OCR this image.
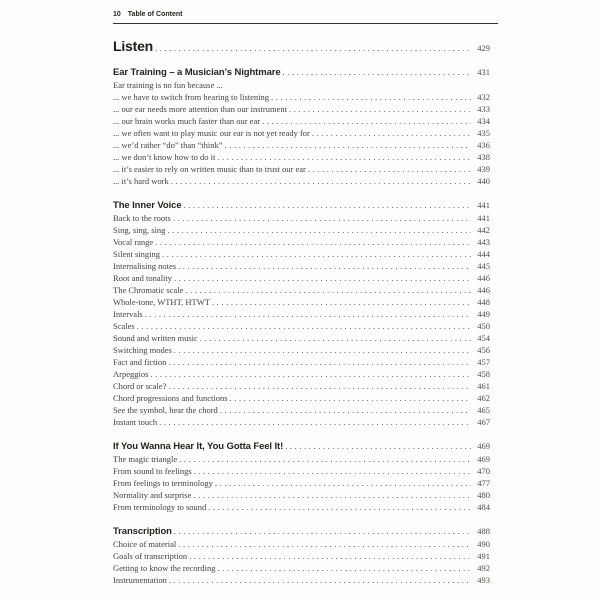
10 Table of Content
Listen .....	429
Ear Training – a Musician’s Nightmare .....	431
Ear training is no fun because ...
... we have to switch from hearing to listening .....	432
... our ear needs more attention than our instrument .....	433
... our brain works much faster than our ear .....	434
... we often want to play music our ear is not yet ready for .....	435
... we’d rather “do” than “think” .....	436
... we don’t know how to do it .....	438
... it’s easier to rely on written music than to trust our ear .....	439
... it’s hard work .....	440
The Inner Voice .....	441
Back to the roots .....	441
Sing, sing, sing .....	442
Vocal range .....	443
Silent singing .....	444
Internalising notes .....	445
Root and tonality .....	446
The Chromatic scale .....	446
Whole-tone, WTHT, HTWT .....	448
Intervals .....	449
Scales .....	450
Sound and written music .....	454
Switching modes .....	456
Fact and fiction .....	457
Arpeggios .....	458
Chord or scale? .....	461
Chord progressions and functions .....	462
See the symbol, hear the chord .....	465
Instant touch .....	467
If You Wanna Hear It, You Gotta Feel It! .....	469
The magic triangle .....	469
From sound to feelings .....	470
From feelings to terminology .....	477
Normality and surprise .....	480
From terminology to sound .....	484
Transcription .....	488
Choice of material .....	490
Goals of transcription .....	491
Getting to know the recording .....	492
Instrumentation .....	493
